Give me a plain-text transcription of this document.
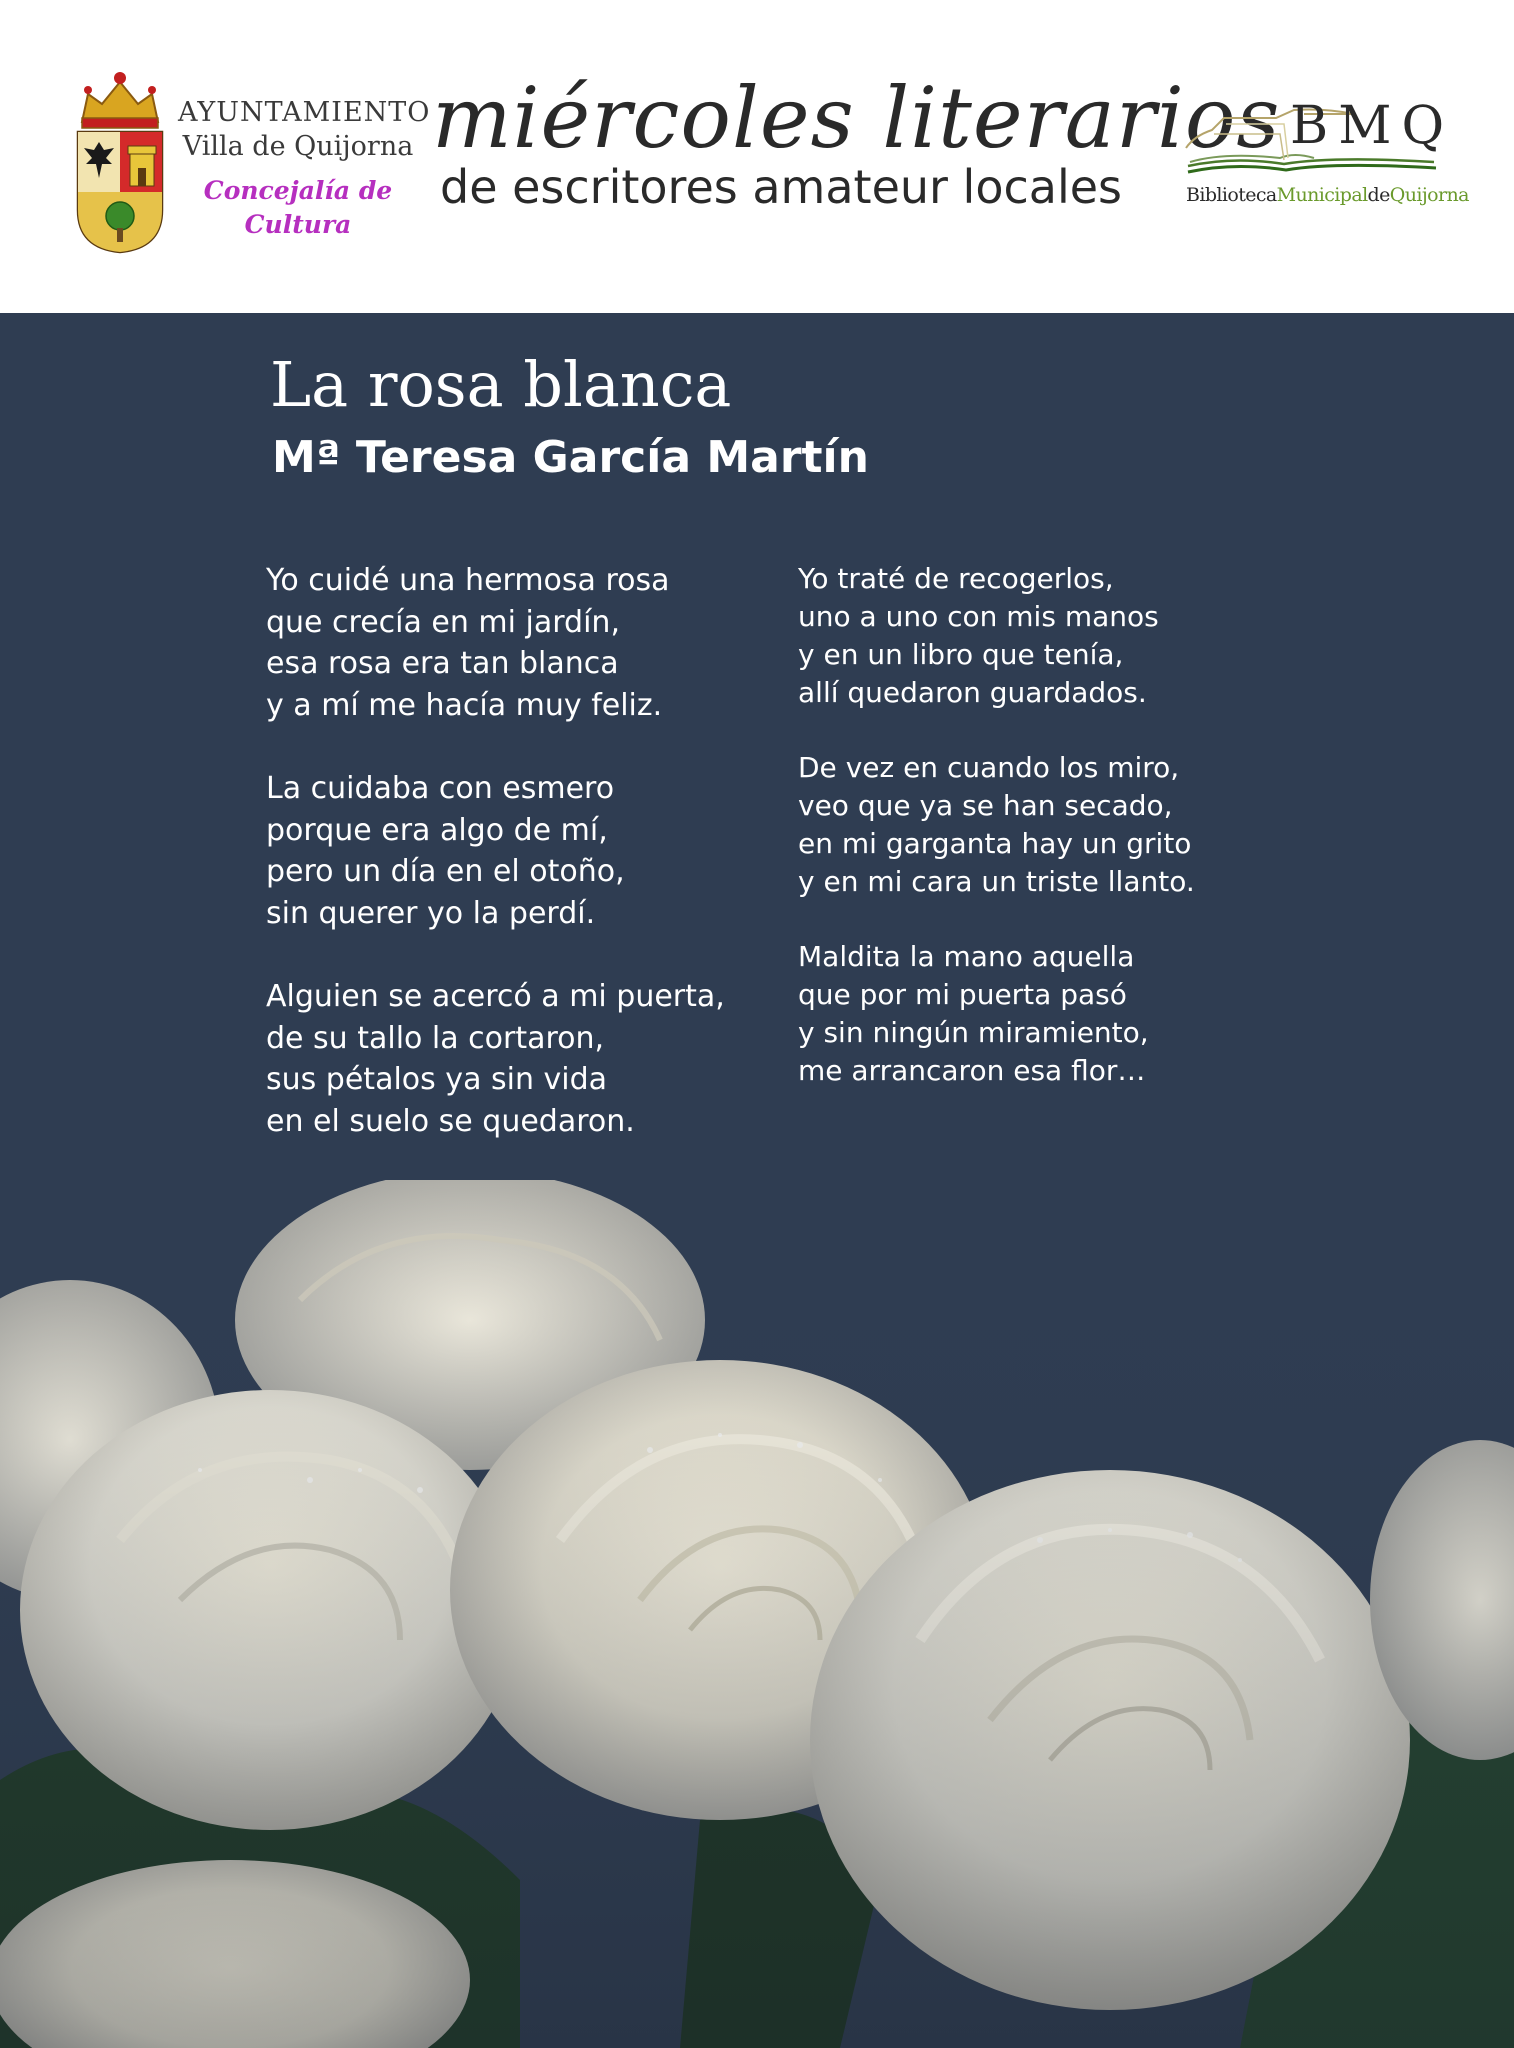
AYUNTAMIENTO
Villa de Quijorna
Concejalía de
Cultura
miércoles literarios
de escritores amateur locales
BMQ
BibliotecaMunicipaldeQuijorna
La rosa blanca
Mª Teresa García Martín

Yo cuidé una hermosa rosa
que crecía en mi jardín,
esa rosa era tan blanca
y a mí me hacía muy feliz.

La cuidaba con esmero
porque era algo de mí,
pero un día en el otoño,
sin querer yo la perdí.

Alguien se acercó a mi puerta,
de su tallo la cortaron,
sus pétalos ya sin vida
en el suelo se quedaron.

Yo traté de recogerlos,
uno a uno con mis manos
y en un libro que tenía,
allí quedaron guardados.

De vez en cuando los miro,
veo que ya se han secado,
en mi garganta hay un grito
y en mi cara un triste llanto.

Maldita la mano aquella
que por mi puerta pasó
y sin ningún miramiento,
me arrancaron esa flor…
